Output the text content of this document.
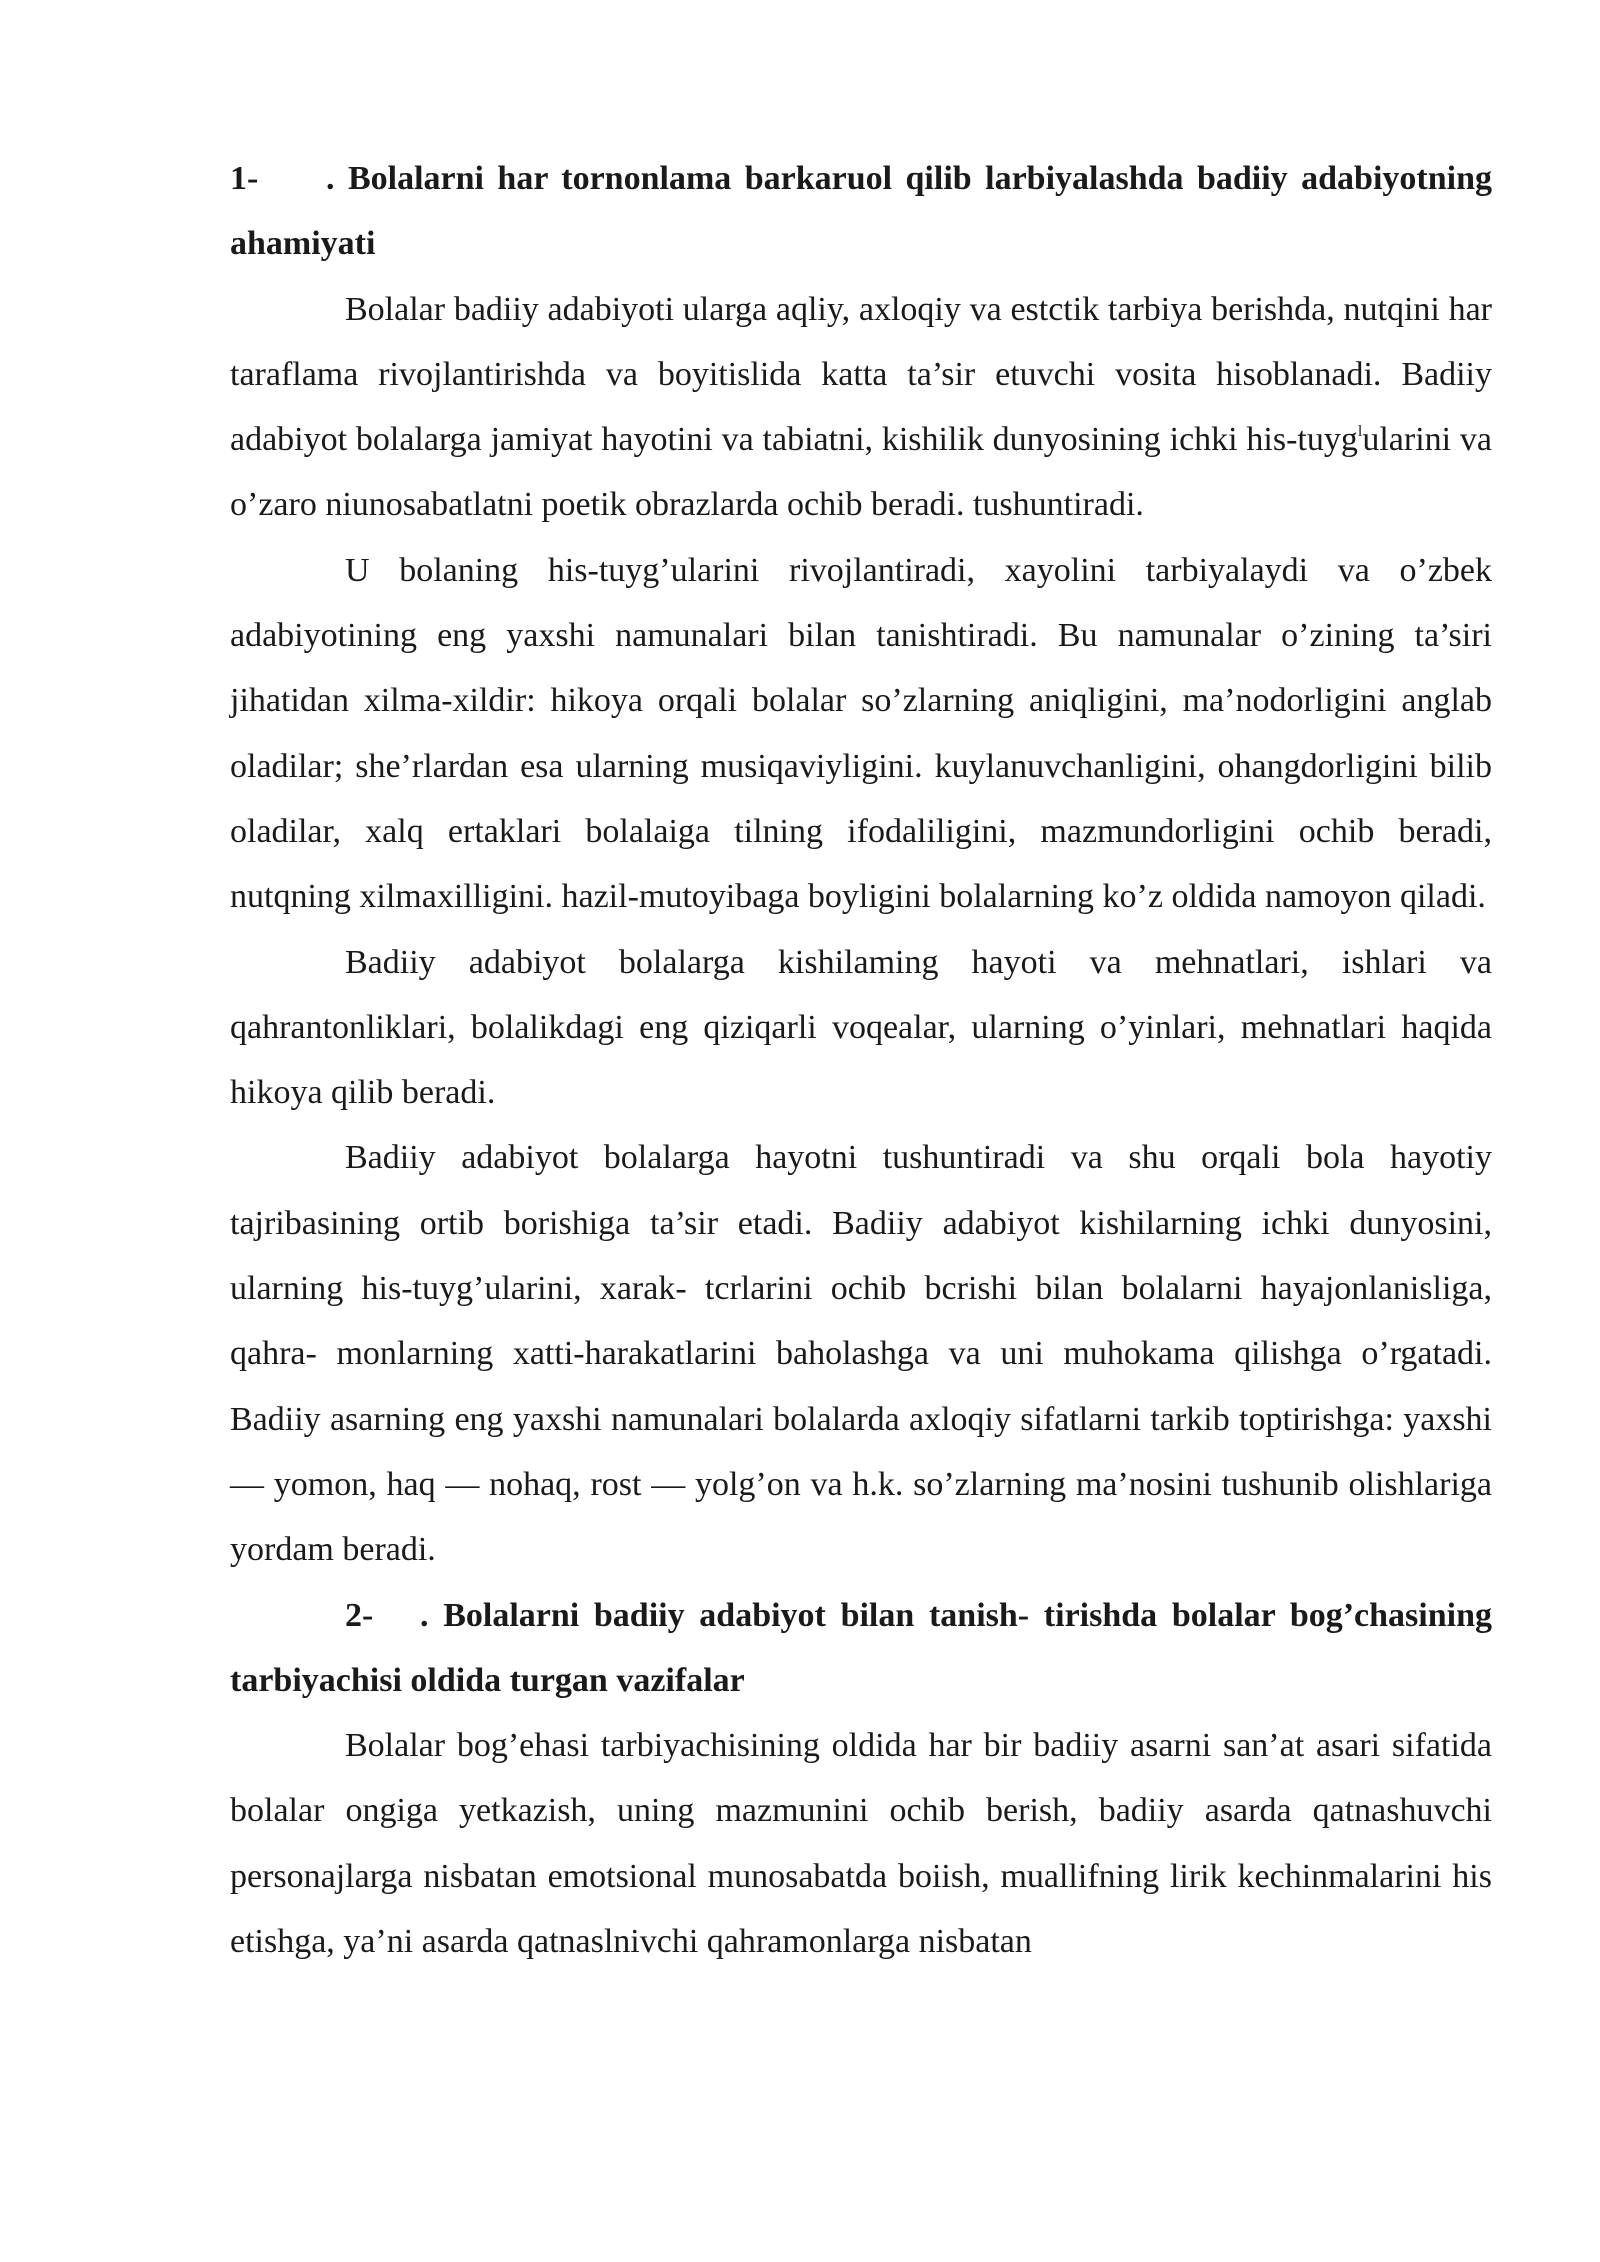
1- . Bolalarni har tornonlama barkaruol qilib larbiyalashda badiiy adabiyotning ahamiyati

Bolalar badiiy adabiyoti ularga aqliy, axloqiy va estctik tarbiya berishda, nutqini har taraflama rivojlantirishda va boyitislida katta ta’sir etuvchi vosita hisoblanadi. Badiiy adabiyot bolalarga jamiyat hayotini va tabiatni, kishilik dunyosining ichki his-tuyg$^l$ularini va o’zaro niunosabatlatni poetik obrazlarda ochib beradi. tushuntiradi.

U bolaning his-tuyg’ularini rivojlantiradi, xayolini tarbiyalaydi va o’zbek adabiyotining eng yaxshi namunalari bilan tanishtiradi. Bu namunalar o’zining ta’siri jihatidan xilma-xildir: hikoya orqali bolalar so’zlarning aniqligini, ma’nodorligini anglab oladilar; she’rlardan esa ularning musiqaviyligini. kuylanuvchanligini, ohangdorligini bilib oladilar, xalq ertaklari bolalaiga tilning ifodaliligini, mazmundorligini ochib beradi, nutqning xilmaxilligini. hazil-mutoyibaga boyligini bolalarning ko’z oldida namoyon qiladi.

Badiiy adabiyot bolalarga kishilaming hayoti va mehnatlari, ishlari va qahrantonliklari, bolalikdagi eng qiziqarli voqealar, ularning o’yinlari, mehnatlari haqida hikoya qilib beradi.

Badiiy adabiyot bolalarga hayotni tushuntiradi va shu orqali bola hayotiy tajribasining ortib borishiga ta’sir etadi. Badiiy adabiyot kishilarning ichki dunyosini, ularning his-tuyg’ularini, xarak- tcrlarini ochib bcrishi bilan bolalarni hayajonlanisliga, qahra- monlarning xatti-harakatlarini baholashga va uni muhokama qilishga o’rgatadi. Badiiy asarning eng yaxshi namunalari bolalarda axloqiy sifatlarni tarkib toptirishga: yaxshi — yomon, haq — nohaq, rost — yolg’on va h.k. so’zlarning ma’nosini tushunib olishlariga yordam beradi.

2- . Bolalarni badiiy adabiyot bilan tanish- tirishda bolalar bog’chasining tarbiyachisi oldida turgan vazifalar

Bolalar bog’ehasi tarbiyachisining oldida har bir badiiy asarni san’at asari sifatida bolalar ongiga yetkazish, uning mazmunini ochib berish, badiiy asarda qatnashuvchi personajlarga nisbatan emotsional munosabatda boiish, muallifning lirik kechinmalarini his etishga, ya’ni asarda qatnaslnivchi qahramonlarga nisbatan
